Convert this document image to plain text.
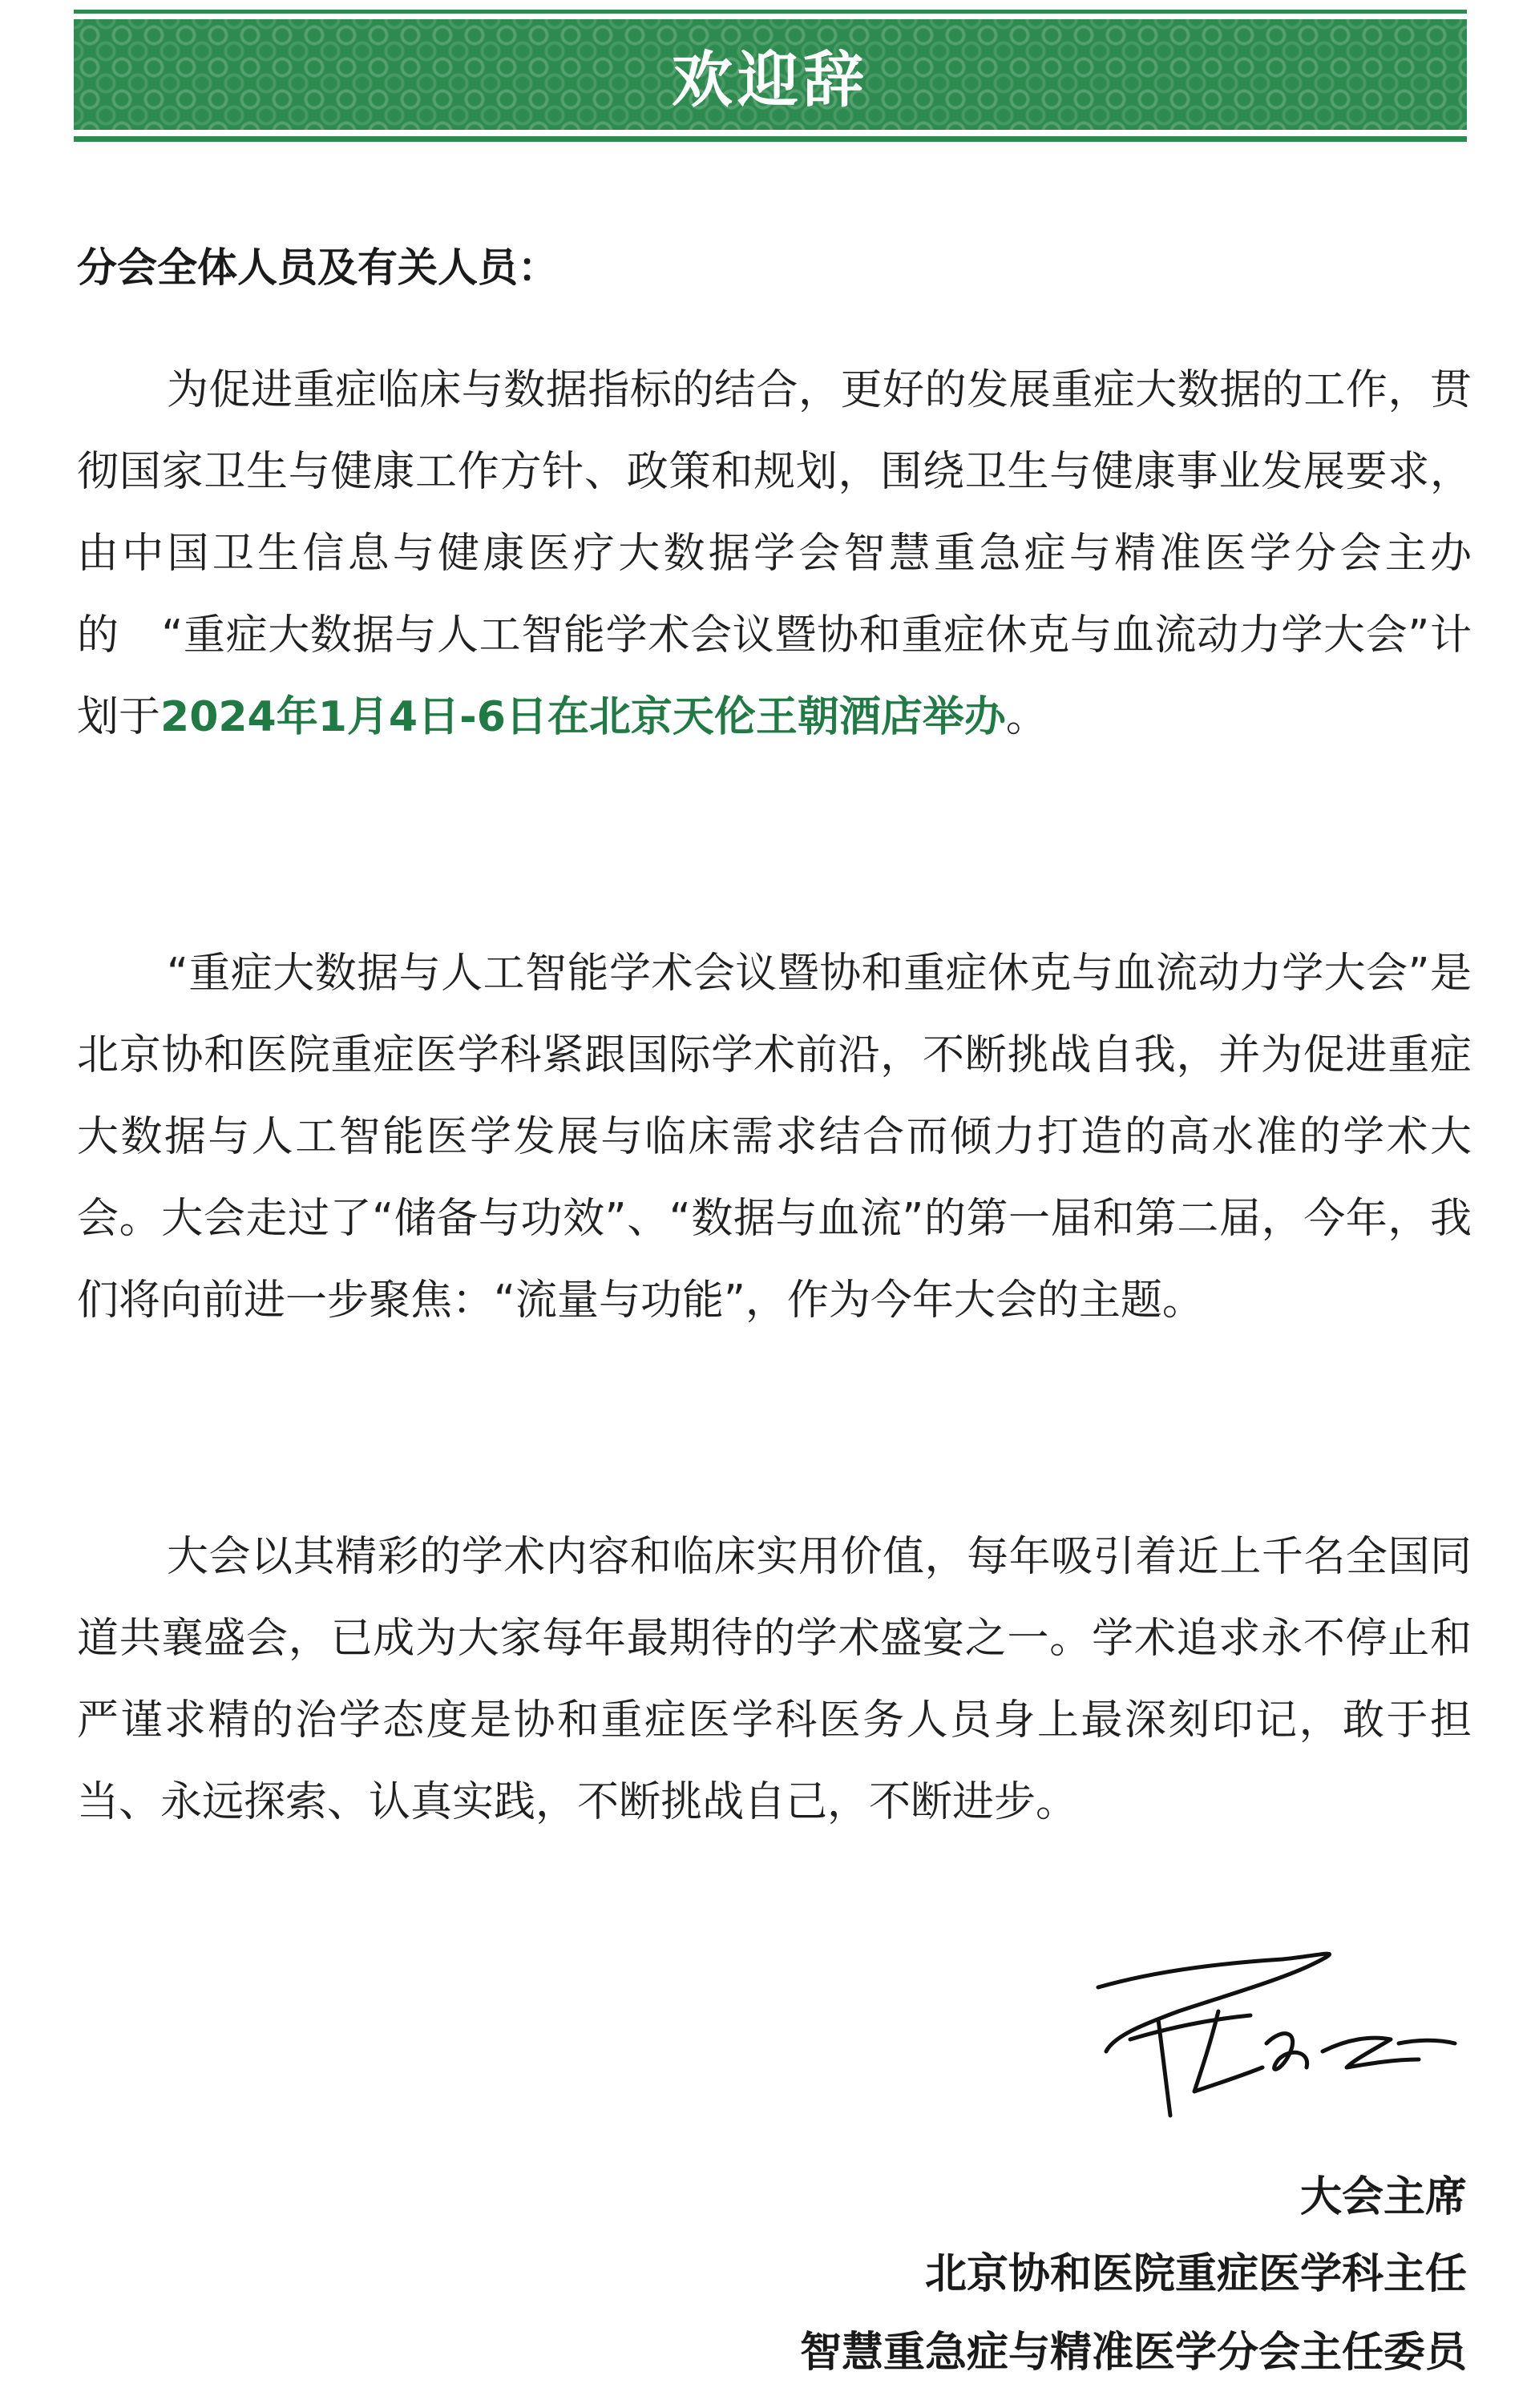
欢迎辞
分会全体人员及有关人员：
为促进重症临床与数据指标的结合，更好的发展重症大数据的工作，贯彻国家卫生与健康工作方针、政策和规划，围绕卫生与健康事业发展要求，由中国卫生信息与健康医疗大数据学会智慧重急症与精准医学分会主办的　“重症大数据与人工智能学术会议暨协和重症休克与血流动力学大会”计划于2024年1月4日-6日在北京天伦王朝酒店举办。
“重症大数据与人工智能学术会议暨协和重症休克与血流动力学大会”是北京协和医院重症医学科紧跟国际学术前沿，不断挑战自我，并为促进重症大数据与人工智能医学发展与临床需求结合而倾力打造的高水准的学术大会。大会走过了“储备与功效”、“数据与血流”的第一届和第二届，今年，我们将向前进一步聚焦：“流量与功能”，作为今年大会的主题。
大会以其精彩的学术内容和临床实用价值，每年吸引着近上千名全国同道共襄盛会，已成为大家每年最期待的学术盛宴之一。学术追求永不停止和严谨求精的治学态度是协和重症医学科医务人员身上最深刻印记，敢于担当、永远探索、认真实践，不断挑战自己，不断进步。
大会主席
北京协和医院重症医学科主任
智慧重急症与精准医学分会主任委员
